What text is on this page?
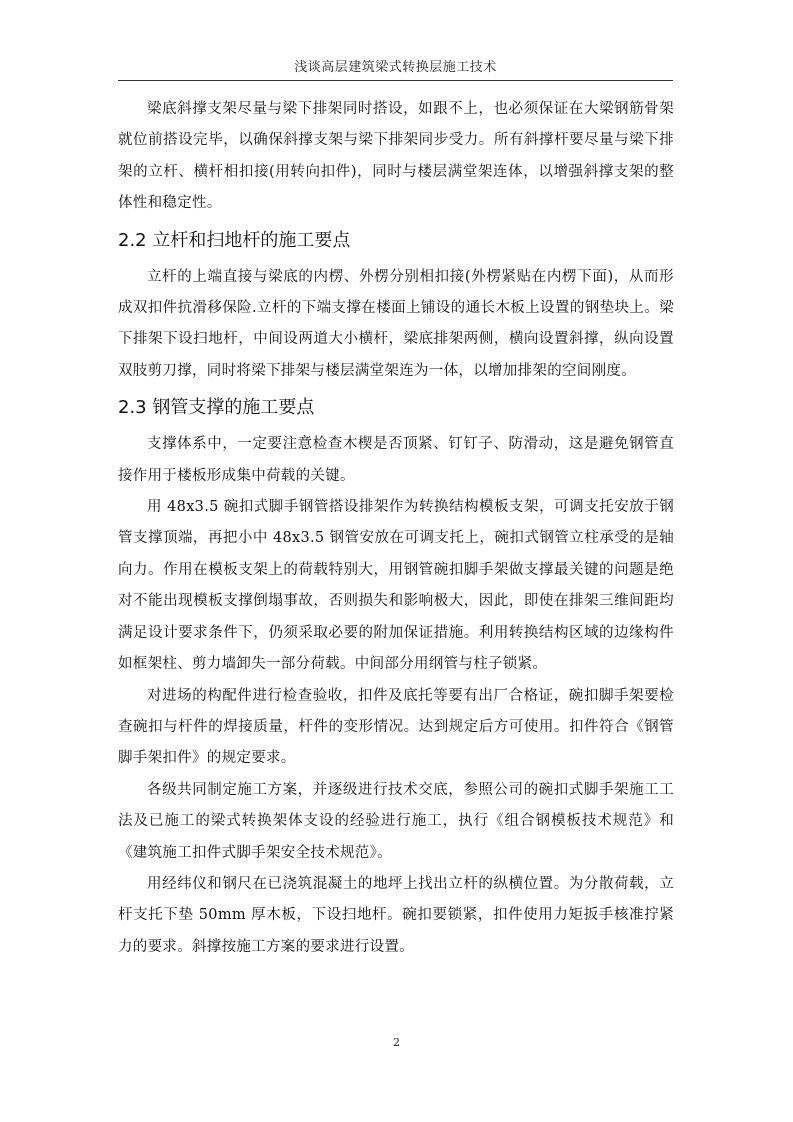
浅谈高层建筑梁式转换层施工技术

梁底斜撑支架尽量与梁下排架同时搭设，如跟不上，也必须保证在大梁钢筋骨架就位前搭设完毕，以确保斜撑支架与梁下排架同步受力。所有斜撑杆要尽量与梁下排架的立杆、横杆相扣接(用转向扣件)，同时与楼层满堂架连体，以增强斜撑支架的整体性和稳定性。

2.2 立杆和扫地杆的施工要点

立杆的上端直接与梁底的内楞、外楞分别相扣接(外楞紧贴在内楞下面)，从而形成双扣件抗滑移保险.立杆的下端支撑在楼面上铺设的通长木板上设置的钢垫块上。梁下排架下设扫地杆，中间设两道大小横杆，梁底排架两侧，横向设置斜撑，纵向设置双肢剪刀撑，同时将梁下排架与楼层满堂架连为一体，以增加排架的空间刚度。

2.3 钢管支撑的施工要点

支撑体系中，一定要注意检查木楔是否顶紧、钉钉子、防滑动，这是避免钢管直接作用于楼板形成集中荷载的关键。

用 48x3.5 碗扣式脚手钢管搭设排架作为转换结构模板支架，可调支托安放于钢管支撑顶端，再把小中 48x3.5 钢管安放在可调支托上，碗扣式钢管立柱承受的是轴向力。作用在模板支架上的荷载特别大，用钢管碗扣脚手架做支撑最关键的问题是绝对不能出现模板支撑倒塌事故，否则损失和影响极大，因此，即使在排架三维间距均满足设计要求条件下，仍须采取必要的附加保证措施。利用转换结构区域的边缘构件如框架柱、剪力墙卸失一部分荷载。中间部分用纲管与柱子锁紧。

对进场的构配件进行检查验收，扣件及底托等要有出厂合格证，碗扣脚手架要检查碗扣与杆件的焊接质量，杆件的变形情况。达到规定后方可使用。扣件符合《钢管脚手架扣件》的规定要求。

各级共同制定施工方案，并逐级进行技术交底，参照公司的碗扣式脚手架施工工法及已施工的梁式转换架体支设的经验进行施工，执行《组合钢模板技术规范》和《建筑施工扣件式脚手架安全技术规范》。

用经纬仪和钢尺在已浇筑混凝土的地坪上找出立杆的纵横位置。为分散荷载，立杆支托下垫 50mm 厚木板，下设扫地杆。碗扣要锁紧，扣件使用力矩扳手核准拧紧力的要求。斜撑按施工方案的要求进行设置。

2
